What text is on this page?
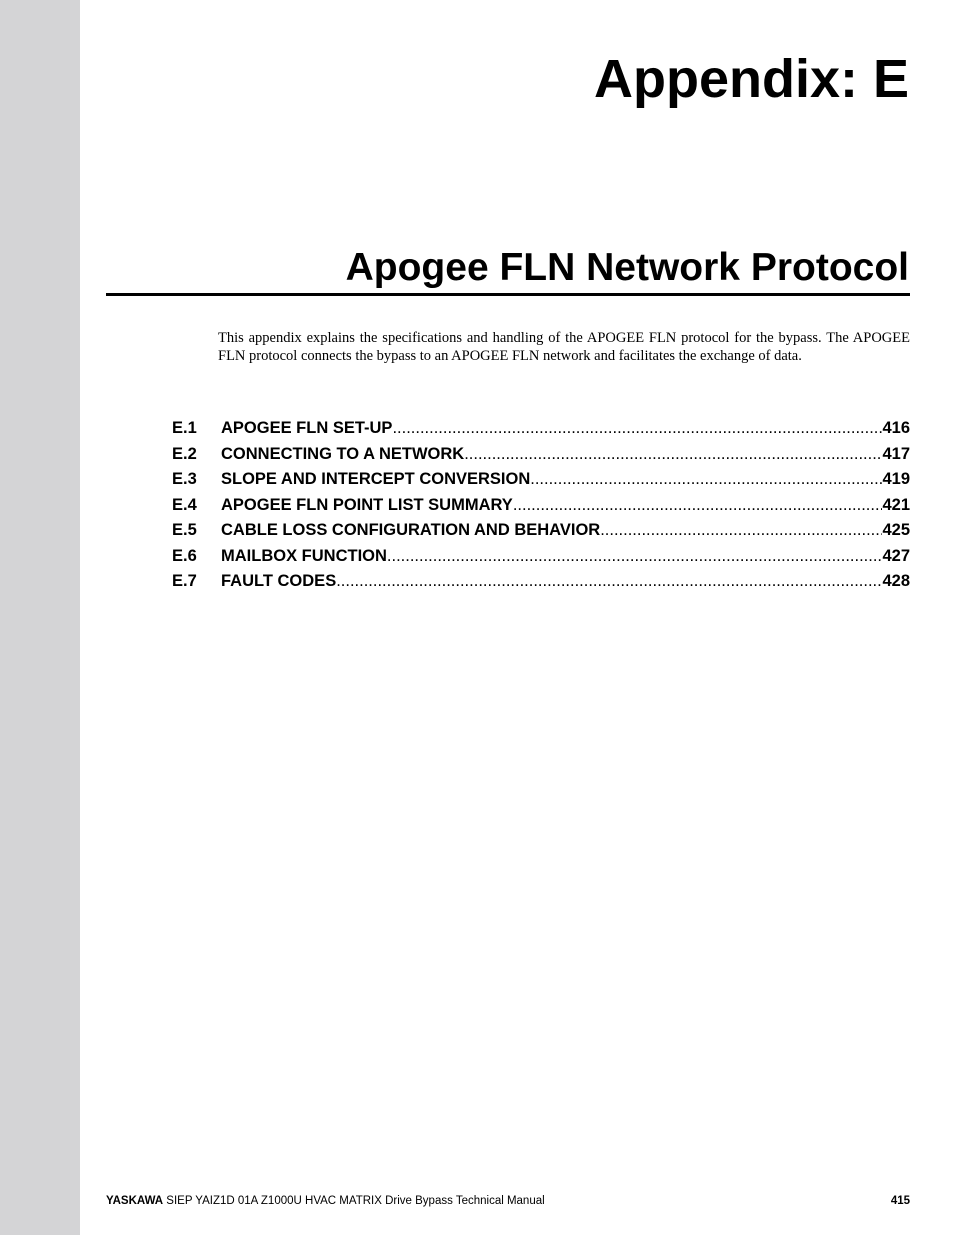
Appendix: E
Apogee FLN Network Protocol

This appendix explains the specifications and handling of the APOGEE FLN protocol for the bypass. The APOGEE FLN protocol connects the bypass to an APOGEE FLN network and facilitates the exchange of data.

E.1	APOGEE FLN SET-UP .....	416
E.2	CONNECTING TO A NETWORK .....	417
E.3	SLOPE AND INTERCEPT CONVERSION .....	419
E.4	APOGEE FLN POINT LIST SUMMARY .....	421
E.5	CABLE LOSS CONFIGURATION AND BEHAVIOR .....	425
E.6	MAILBOX FUNCTION .....	427
E.7	FAULT CODES .....	428
YASKAWA SIEP YAIZ1D 01A Z1000U HVAC MATRIX Drive Bypass Technical Manual	415
